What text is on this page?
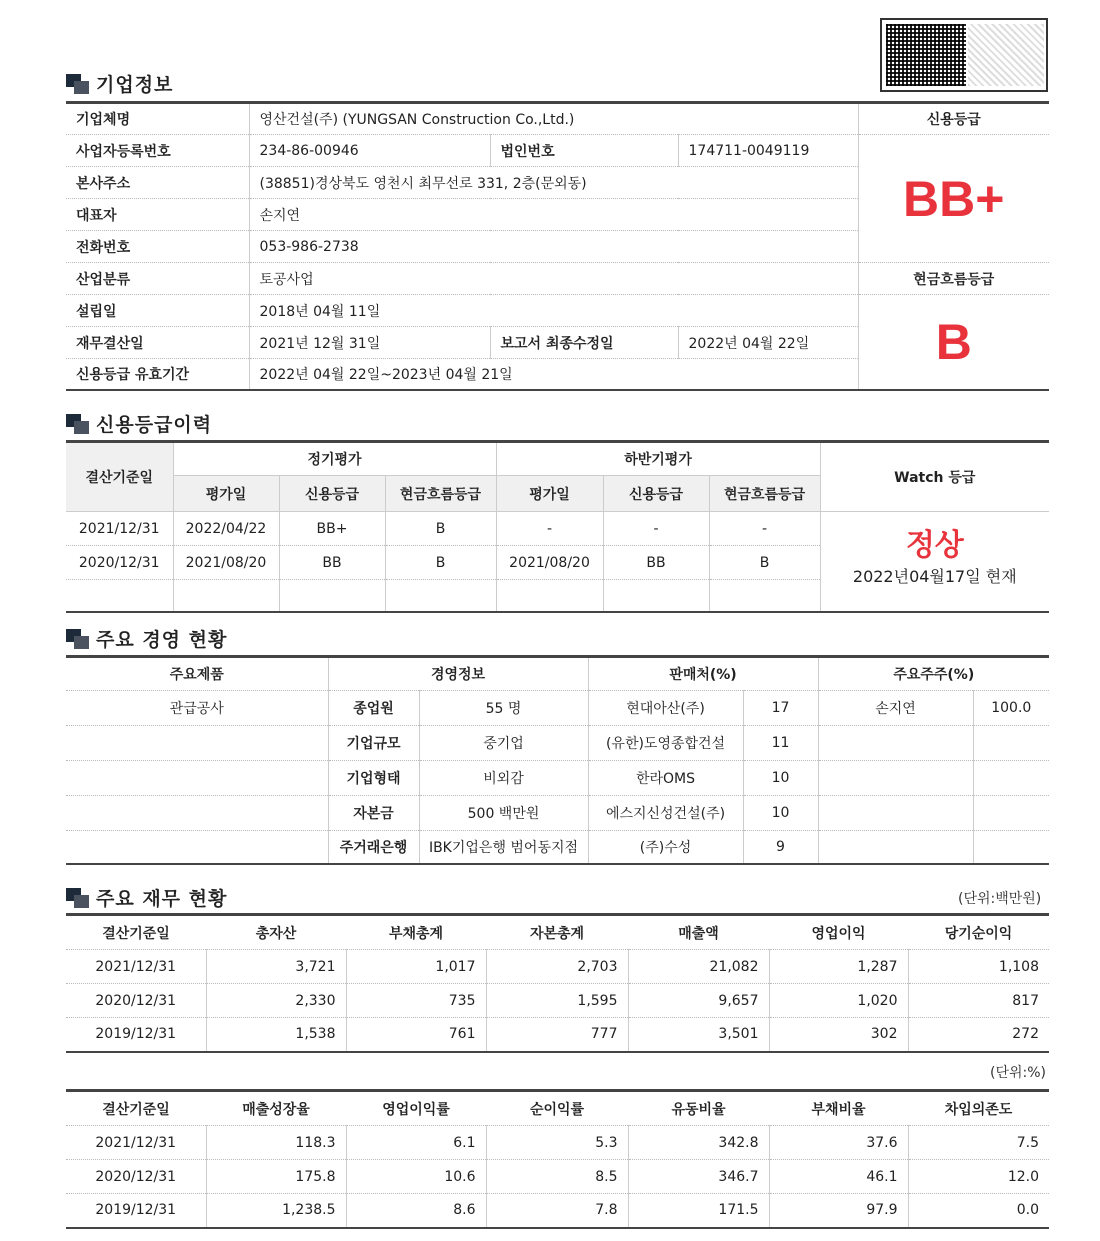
기업정보
기업체명	영산건설(주) (YUNGSAN Construction Co.,Ltd.)			신용등급
사업자등록번호	234-86-00946	법인번호	174711-0049119	BB+

본사주소	(38851)경상북도 영천시 최무선로 331, 2층(문외동)			
대표자	손지연			
전화번호	053-986-2738			
산업분류	토공사업			현금흐름등급
설립일	2018년 04월 11일			B

재무결산일	2021년 12월 31일	보고서 최종수정일	2022년 04월 22일	
신용등급 유효기간	2022년 04월 22일~2023년 04월 21일			
신용등급이력
결산기준일	정기평가			하반기평가			Watch 등급
	평가일	신용등급	현금흐름등급	평가일	신용등급	현금흐름등급	
2021/12/31	2022/04/22	BB+	B	-	-	-	정상
2022년04월17일 현재

2020/12/31	2021/08/20	BB	B	2021/08/20	BB	B	

주요 경영 현황
주요제품	경영정보		판매처(%)		주요주주(%)	
관급공사	종업원	55 명	현대아산(주)	17	손지연	100.0
	기업규모	중기업	(유한)도영종합건설	11		
	기업형태	비외감	한라OMS	10		
	자본금	500 백만원	에스지신성건설(주)	10		
	주거래은행	IBK기업은행 범어동지점	(주)수성	9		
주요 재무 현황	(단위:백만원)
결산기준일	총자산	부채총계	자본총계	매출액	영업이익	당기순이익
2021/12/31	3,721	1,017	2,703	21,082	1,287	1,108
2020/12/31	2,330	735	1,595	9,657	1,020	817
2019/12/31	1,538	761	777	3,501	302	272
(단위:%)
결산기준일	매출성장율	영업이익률	순이익률	유동비율	부채비율	차입의존도
2021/12/31	118.3	6.1	5.3	342.8	37.6	7.5
2020/12/31	175.8	10.6	8.5	346.7	46.1	12.0
2019/12/31	1,238.5	8.6	7.8	171.5	97.9	0.0
